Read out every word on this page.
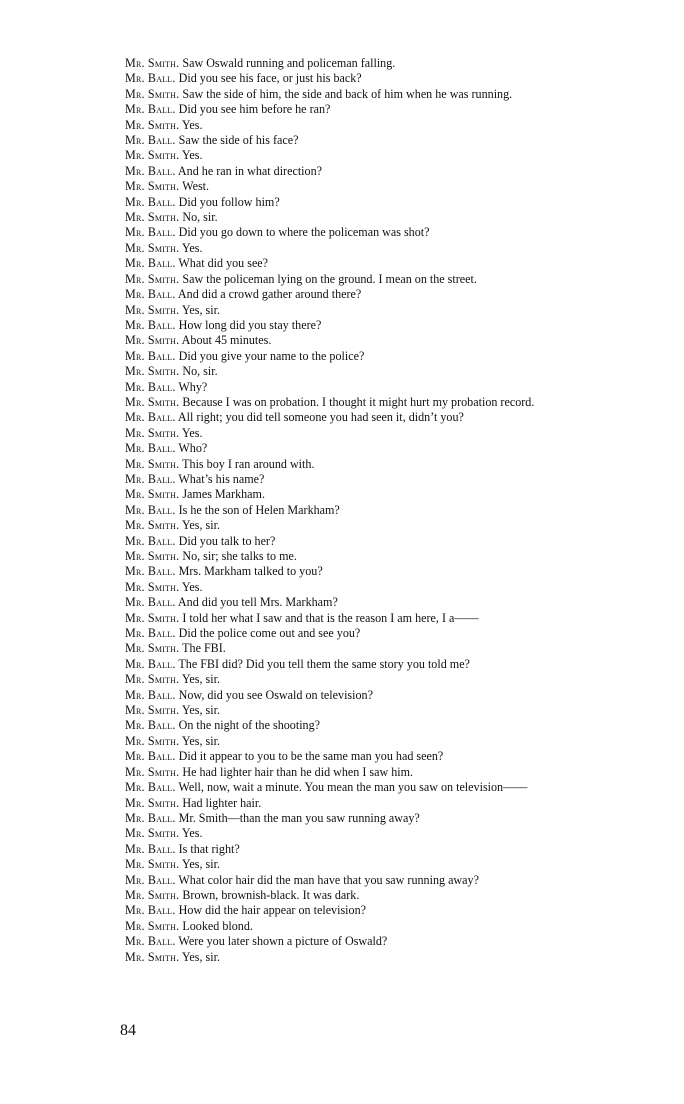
Mr. Smith. Saw Oswald running and policeman falling.

Mr. Ball. Did you see his face, or just his back?

Mr. Smith. Saw the side of him, the side and back of him when he was running.

Mr. Ball. Did you see him before he ran?

Mr. Smith. Yes.

Mr. Ball. Saw the side of his face?

Mr. Smith. Yes.

Mr. Ball. And he ran in what direction?

Mr. Smith. West.

Mr. Ball. Did you follow him?

Mr. Smith. No, sir.

Mr. Ball. Did you go down to where the policeman was shot?

Mr. Smith. Yes.

Mr. Ball. What did you see?

Mr. Smith. Saw the policeman lying on the ground. I mean on the street.

Mr. Ball. And did a crowd gather around there?

Mr. Smith. Yes, sir.

Mr. Ball. How long did you stay there?

Mr. Smith. About 45 minutes.

Mr. Ball. Did you give your name to the police?

Mr. Smith. No, sir.

Mr. Ball. Why?

Mr. Smith. Because I was on probation. I thought it might hurt my probation record.

Mr. Ball. All right; you did tell someone you had seen it, didn’t you?

Mr. Smith. Yes.

Mr. Ball. Who?

Mr. Smith. This boy I ran around with.

Mr. Ball. What’s his name?

Mr. Smith. James Markham.

Mr. Ball. Is he the son of Helen Markham?

Mr. Smith. Yes, sir.

Mr. Ball. Did you talk to her?

Mr. Smith. No, sir; she talks to me.

Mr. Ball. Mrs. Markham talked to you?

Mr. Smith. Yes.

Mr. Ball. And did you tell Mrs. Markham?

Mr. Smith. I told her what I saw and that is the reason I am here, I a——

Mr. Ball. Did the police come out and see you?

Mr. Smith. The FBI.

Mr. Ball. The FBI did? Did you tell them the same story you told me?

Mr. Smith. Yes, sir.

Mr. Ball. Now, did you see Oswald on television?

Mr. Smith. Yes, sir.

Mr. Ball. On the night of the shooting?

Mr. Smith. Yes, sir.

Mr. Ball. Did it appear to you to be the same man you had seen?

Mr. Smith. He had lighter hair than he did when I saw him.

Mr. Ball. Well, now, wait a minute. You mean the man you saw on television——

Mr. Smith. Had lighter hair.

Mr. Ball. Mr. Smith—than the man you saw running away?

Mr. Smith. Yes.

Mr. Ball. Is that right?

Mr. Smith. Yes, sir.

Mr. Ball. What color hair did the man have that you saw running away?

Mr. Smith. Brown, brownish-black. It was dark.

Mr. Ball. How did the hair appear on television?

Mr. Smith. Looked blond.

Mr. Ball. Were you later shown a picture of Oswald?

Mr. Smith. Yes, sir.

84
